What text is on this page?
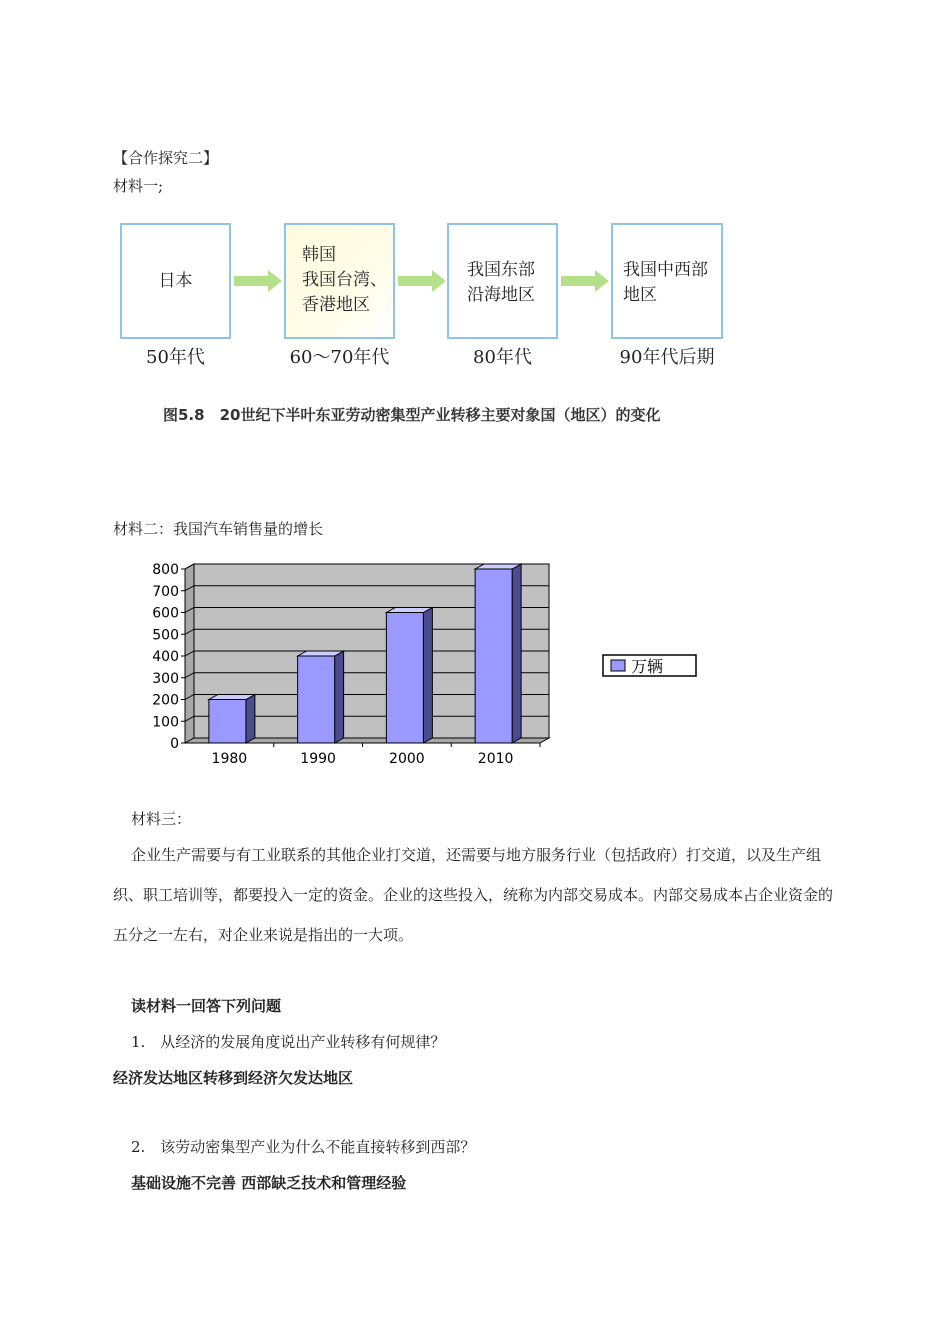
【合作探究二】
材料一;
日本
韩国
我国台湾、
香港地区
我国东部
沿海地区
我国中西部
地区
50年代	60～70年代	80年代	90年代后期
图5.8　20世纪下半叶东亚劳动密集型产业转移主要对象国（地区）的变化
材料二：我国汽车销售量的增长
0
100
200
300
400
500
600
700
800
1980	1990	2000	2010
万辆
材料三：
企业生产需要与有工业联系的其他企业打交道，还需要与地方服务行业（包括政府）打交道，以及生产组织、职工培训等，都要投入一定的资金。企业的这些投入，统称为内部交易成本。内部交易成本占企业资金的五分之一左右，对企业来说是指出的一大项。
读材料一回答下列问题
1.　从经济的发展角度说出产业转移有何规律？
经济发达地区转移到经济欠发达地区
2.　该劳动密集型产业为什么不能直接转移到西部？
基础设施不完善 西部缺乏技术和管理经验
